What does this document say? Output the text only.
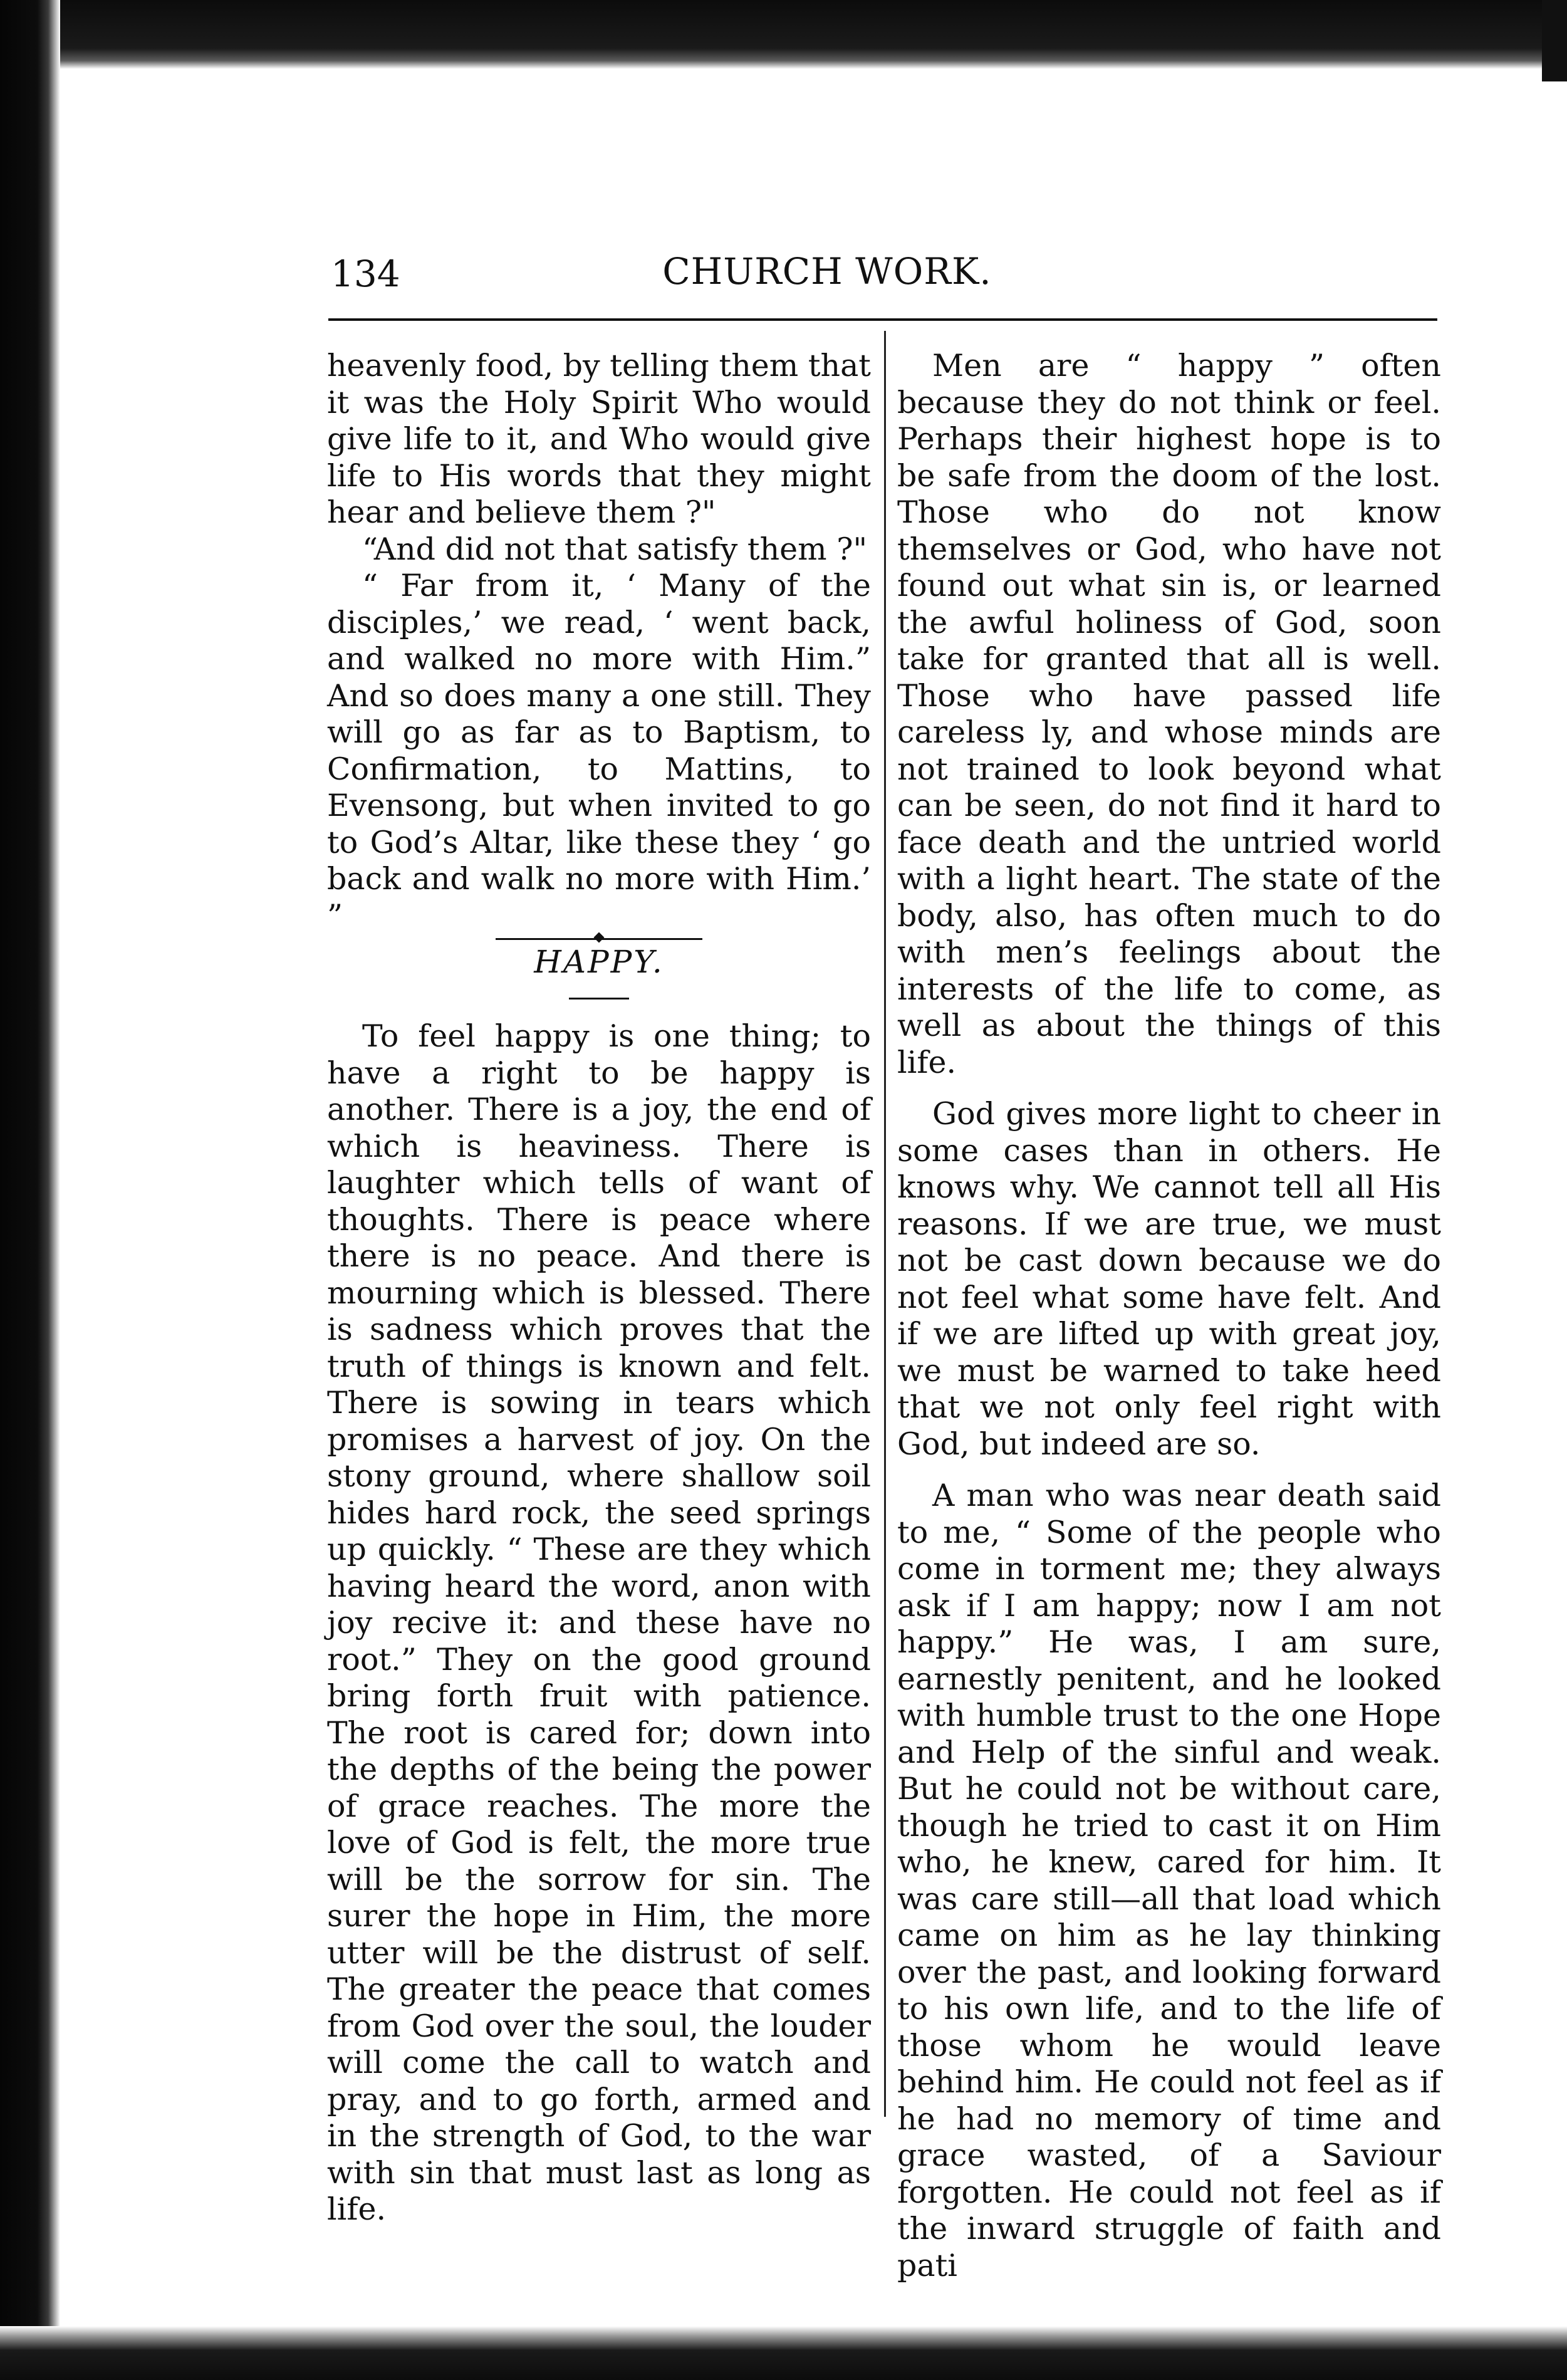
134	CHURCH WORK.

heavenly food, by telling them that it was the Holy Spirit Who would give life to it, and Who would give life to His words that they might hear and believe them ?"

“And did not that satisfy them ?"

“ Far from it, ‘ Many of the disciples,’ we read, ‘ went back, and walked no more with Him.” And so does many a one still. They will go as far as to Baptism, to Confirmation, to Mattins, to Evensong, but when invited to go to God’s Altar, like these they ‘ go back and walk no more with Him.’ ”

HAPPY.

To feel happy is one thing; to have a right to be happy is another. There is a joy, the end of which is heaviness. There is laughter which tells of want of thoughts. There is peace where there is no peace. And there is mourning which is blessed. There is sadness which proves that the truth of things is known and felt. There is sowing in tears which promises a harvest of joy. On the stony ground, where shallow soil hides hard rock, the seed springs up quickly. “ These are they which having heard the word, anon with joy recive it: and these have no root.” They on the good ground bring forth fruit with patience. The root is cared for; down into the depths of the being the power of grace reaches. The more the love of God is felt, the more true will be the sorrow for sin. The surer the hope in Him, the more utter will be the distrust of self. The greater the peace that comes from God over the soul, the louder will come the call to watch and pray, and to go forth, armed and in the strength of God, to the war with sin that must last as long as life.

Men are “ happy ” often because they do not think or feel. Perhaps their highest hope is to be safe from the doom of the lost. Those who do not know themselves or God, who have not found out what sin is, or learned the awful holiness of God, soon take for granted that all is well. Those who have passed life careless ly, and whose minds are not trained to look beyond what can be seen, do not find it hard to face death and the untried world with a light heart. The state of the body, also, has often much to do with men’s feelings about the interests of the life to come, as well as about the things of this life.

God gives more light to cheer in some cases than in others. He knows why. We cannot tell all His reasons. If we are true, we must not be cast down because we do not feel what some have felt. And if we are lifted up with great joy, we must be warned to take heed that we not only feel right with God, but indeed are so.

A man who was near death said to me, “ Some of the people who come in torment me; they always ask if I am happy; now I am not happy.” He was, I am sure, earnestly penitent, and he looked with humble trust to the one Hope and Help of the sinful and weak. But he could not be without care, though he tried to cast it on Him who, he knew, cared for him. It was care still—all that load which came on him as he lay thinking over the past, and looking forward to his own life, and to the life of those whom he would leave behind him. He could not feel as if he had no memory of time and grace wasted, of a Saviour forgotten. He could not feel as if the inward struggle of faith and pati
